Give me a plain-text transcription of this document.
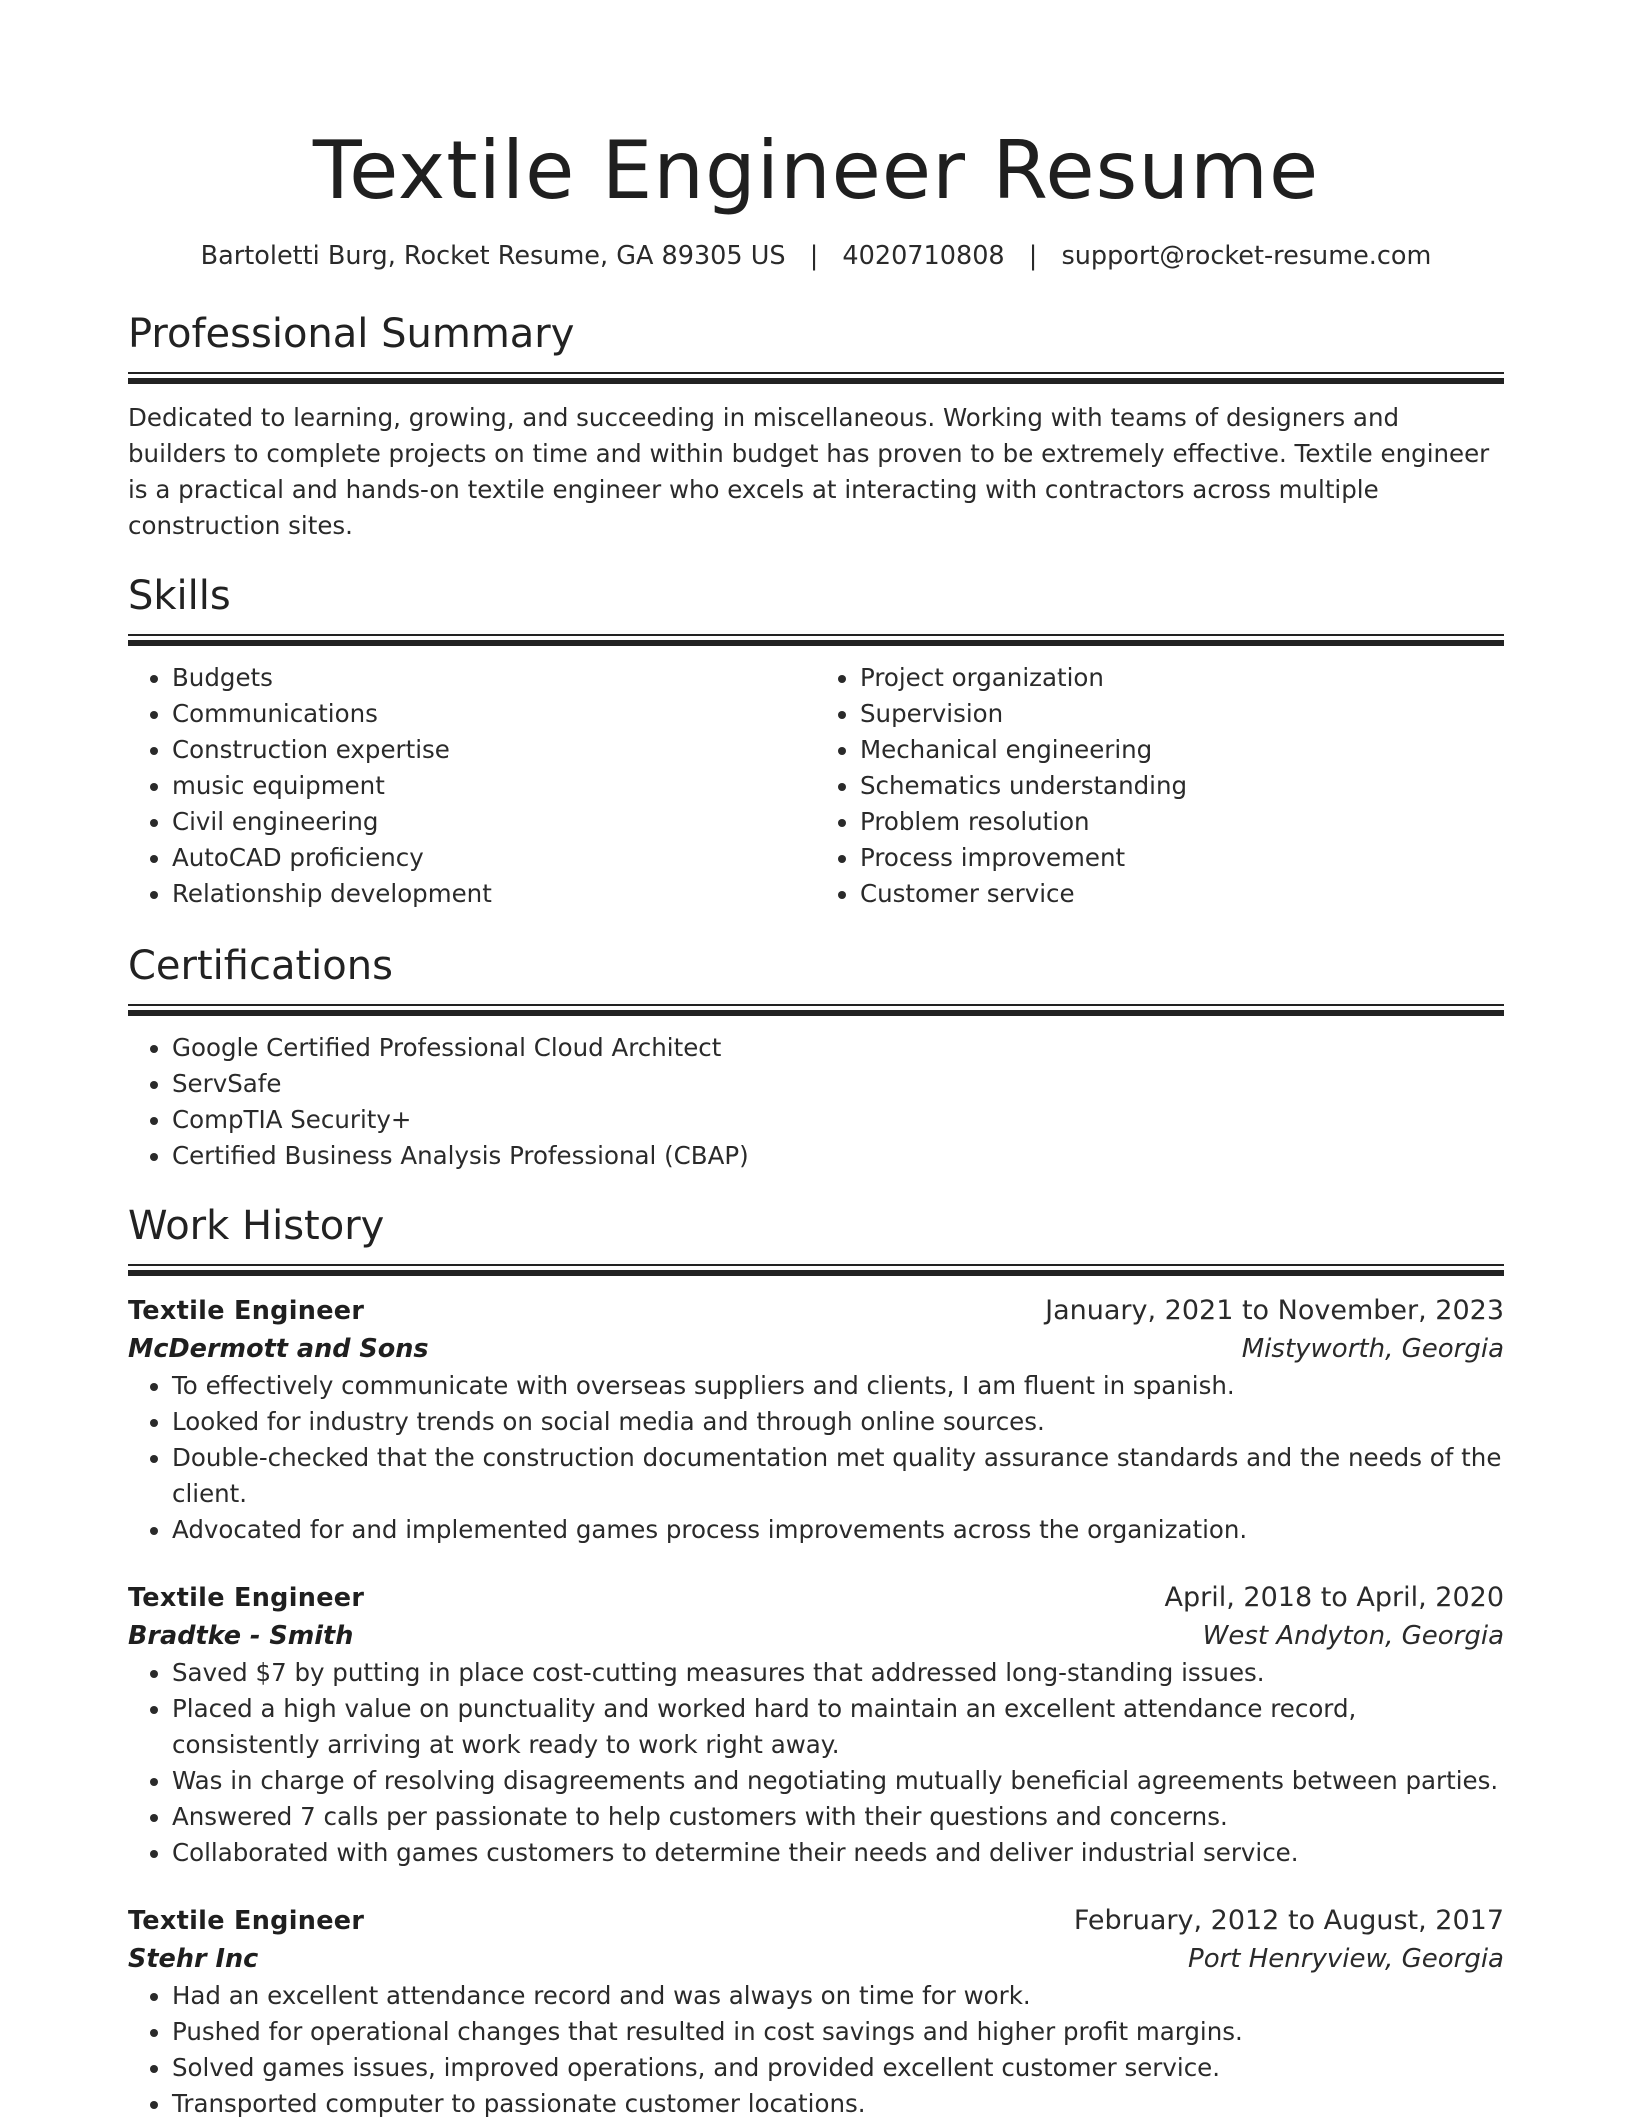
Textile Engineer Resume
Bartoletti Burg, Rocket Resume, GA 89305 US | 4020710808 | support@rocket-resume.com
Professional Summary

Dedicated to learning, growing, and succeeding in miscellaneous. Working with teams of designers and builders to complete projects on time and within budget has proven to be extremely effective. Textile engineer is a practical and hands-on textile engineer who excels at interacting with contractors across multiple construction sites.

Skills
• Budgets
• Communications
• Construction expertise
• music equipment
• Civil engineering
• AutoCAD proficiency
• Relationship development
• Project organization
• Supervision
• Mechanical engineering
• Schematics understanding
• Problem resolution
• Process improvement
• Customer service
Certifications
• Google Certified Professional Cloud Architect
• ServSafe
• CompTIA Security+
• Certified Business Analysis Professional (CBAP)
Work History
Textile Engineer	January, 2021 to November, 2023
McDermott and Sons	Mistyworth, Georgia
• To effectively communicate with overseas suppliers and clients, I am fluent in spanish.
• Looked for industry trends on social media and through online sources.
• Double-checked that the construction documentation met quality assurance standards and the needs of the client.
• Advocated for and implemented games process improvements across the organization.
Textile Engineer	April, 2018 to April, 2020
Bradtke - Smith	West Andyton, Georgia
• Saved $7 by putting in place cost-cutting measures that addressed long-standing issues.
• Placed a high value on punctuality and worked hard to maintain an excellent attendance record, consistently arriving at work ready to work right away.
• Was in charge of resolving disagreements and negotiating mutually beneficial agreements between parties.
• Answered 7 calls per passionate to help customers with their questions and concerns.
• Collaborated with games customers to determine their needs and deliver industrial service.
Textile Engineer	February, 2012 to August, 2017
Stehr Inc	Port Henryview, Georgia
• Had an excellent attendance record and was always on time for work.
• Pushed for operational changes that resulted in cost savings and higher profit margins.
• Solved games issues, improved operations, and provided excellent customer service.
• Transported computer to passionate customer locations.
